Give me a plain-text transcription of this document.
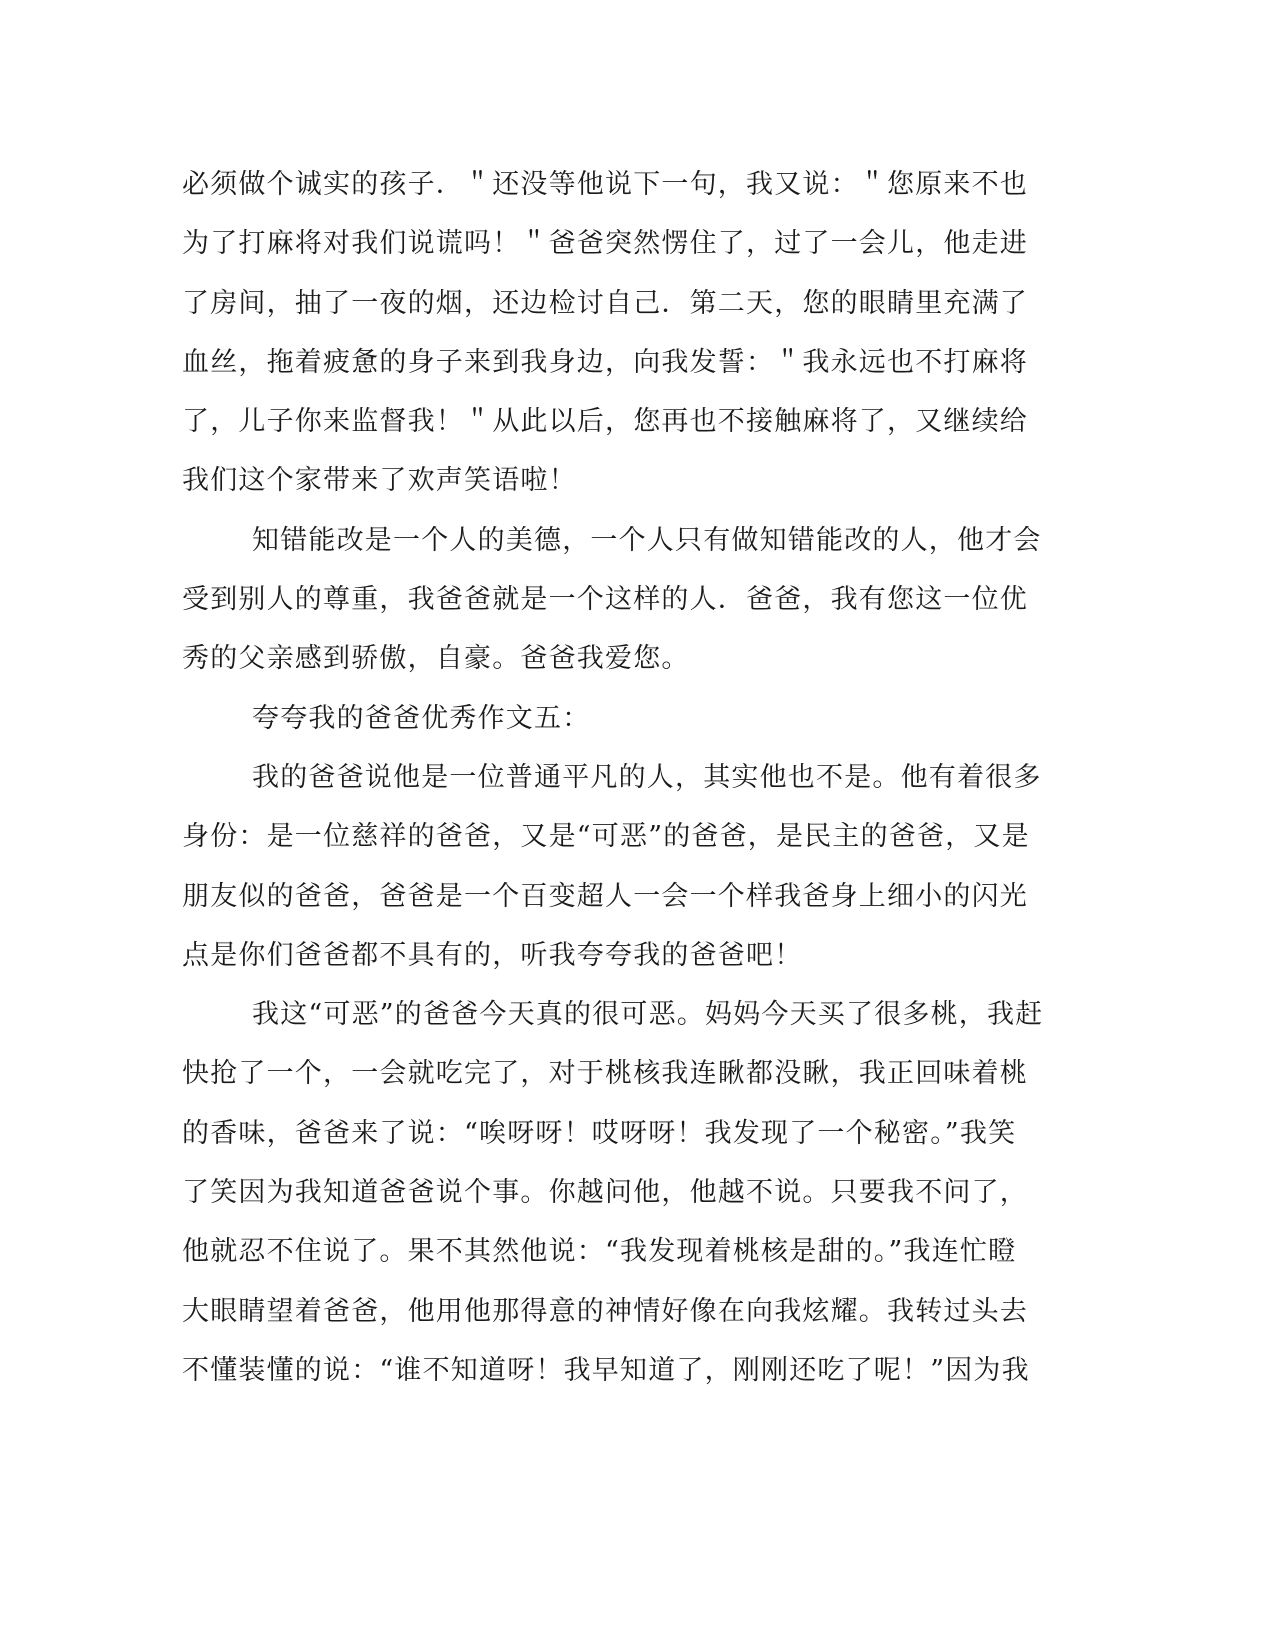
必须做个诚实的孩子．＂还没等他说下一句，我又说：＂您原来不也
为了打麻将对我们说谎吗！＂爸爸突然愣住了，过了一会儿，他走进
了房间，抽了一夜的烟，还边检讨自己．第二天，您的眼睛里充满了
血丝，拖着疲惫的身子来到我身边，向我发誓：＂我永远也不打麻将
了，儿子你来监督我！＂从此以后，您再也不接触麻将了，又继续给
我们这个家带来了欢声笑语啦！
知错能改是一个人的美德，一个人只有做知错能改的人，他才会
受到别人的尊重，我爸爸就是一个这样的人．爸爸，我有您这一位优
秀的父亲感到骄傲，自豪。爸爸我爱您。
夸夸我的爸爸优秀作文五：
我的爸爸说他是一位普通平凡的人，其实他也不是。他有着很多
身份：是一位慈祥的爸爸，又是“可恶”的爸爸，是民主的爸爸，又是
朋友似的爸爸，爸爸是一个百变超人一会一个样我爸身上细小的闪光
点是你们爸爸都不具有的，听我夸夸我的爸爸吧！
我这“可恶”的爸爸今天真的很可恶。妈妈今天买了很多桃，我赶
快抢了一个，一会就吃完了，对于桃核我连瞅都没瞅，我正回味着桃
的香味，爸爸来了说：“唉呀呀！哎呀呀！我发现了一个秘密。”我笑
了笑因为我知道爸爸说个事。你越问他，他越不说。只要我不问了，
他就忍不住说了。果不其然他说：“我发现着桃核是甜的。”我连忙瞪
大眼睛望着爸爸，他用他那得意的神情好像在向我炫耀。我转过头去
不懂装懂的说：“谁不知道呀！我早知道了，刚刚还吃了呢！”因为我
